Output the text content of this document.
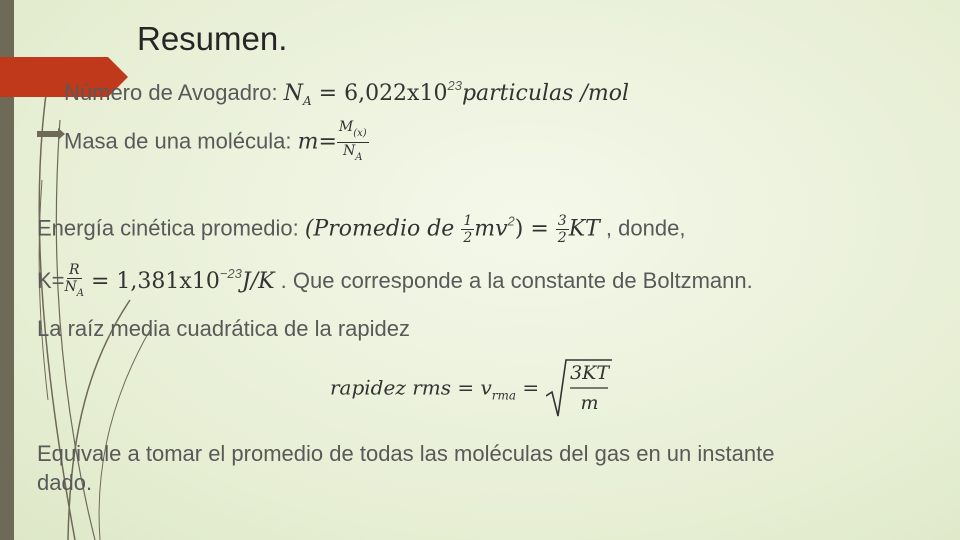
Resumen.
Número de Avogadro: $N_A$ = $6,022x10^{23}particulas$ /mol
Masa de una molécula: $m= \frac{M_{(x)}}{N_A}$
Energía cinética promedio: (Promedio de $\frac{1}{2} mv^2) = \frac{3}{2}$ KT , donde,
$K= \frac{R}{N_A} = 1,381x10^{-23}J/K$ . Que corresponde a la constante de Boltzmann.
La raíz media cuadrática de la rapidez
rapidez rms = $v_{rma}$ =
3KT
m
Equivale a tomar el promedio de todas las moléculas del gas en un instante
dado.
